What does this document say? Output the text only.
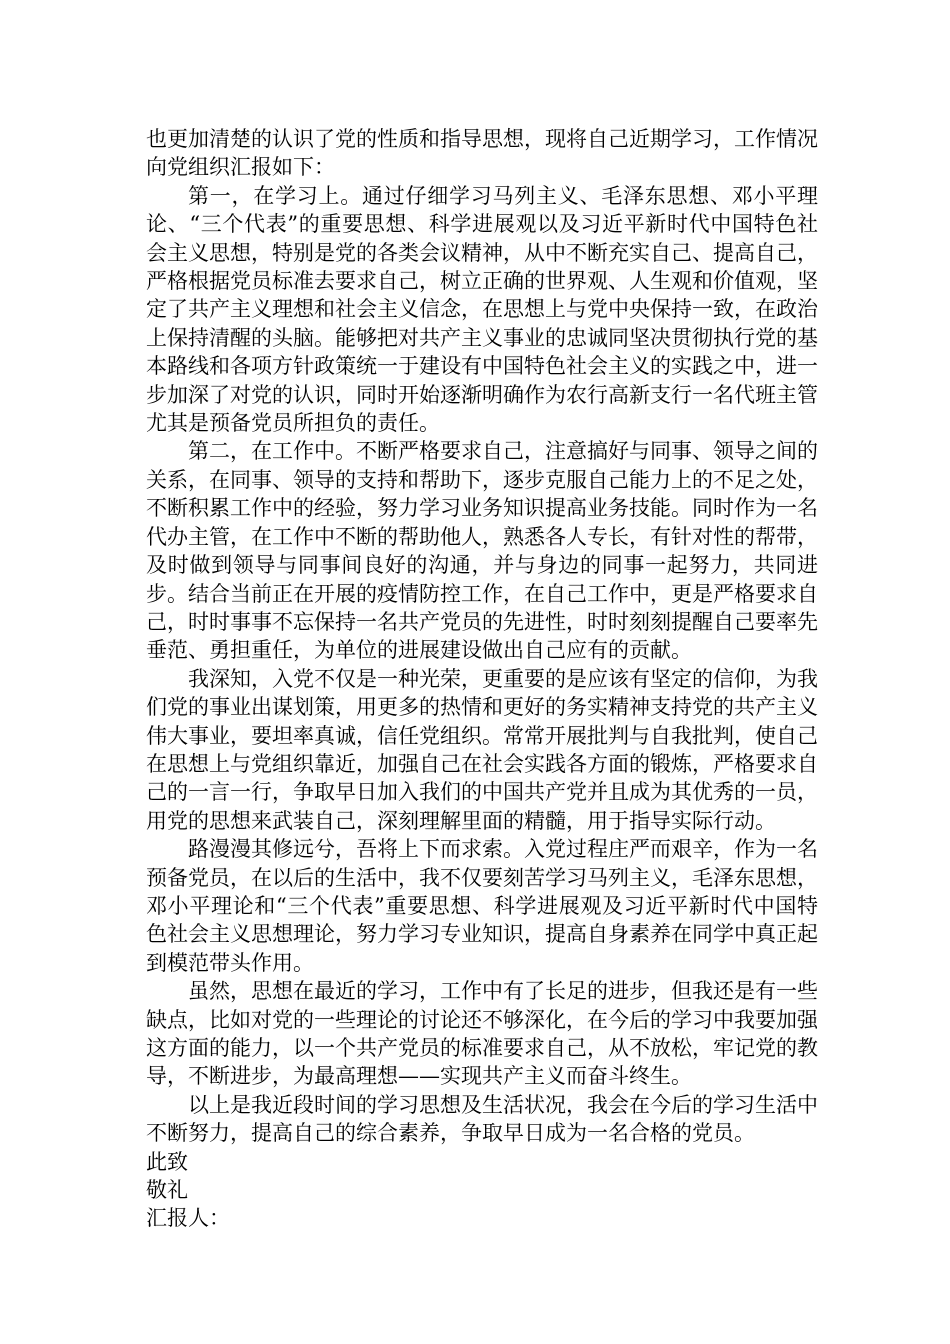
也更加清楚的认识了党的性质和指导思想，现将自己近期学习，工作情况向党组织汇报如下：

第一，在学习上。通过仔细学习马列主义、毛泽东思想、邓小平理论、“三个代表”的重要思想、科学进展观以及习近平新时代中国特色社会主义思想，特别是党的各类会议精神，从中不断充实自己、提高自己，严格根据党员标准去要求自己，树立正确的世界观、人生观和价值观，坚定了共产主义理想和社会主义信念，在思想上与党中央保持一致，在政治上保持清醒的头脑。能够把对共产主义事业的忠诚同坚决贯彻执行党的基本路线和各项方针政策统一于建设有中国特色社会主义的实践之中，进一步加深了对党的认识，同时开始逐渐明确作为农行高新支行一名代班主管尤其是预备党员所担负的责任。

第二，在工作中。不断严格要求自己，注意搞好与同事、领导之间的关系，在同事、领导的支持和帮助下，逐步克服自己能力上的不足之处，不断积累工作中的经验，努力学习业务知识提高业务技能。同时作为一名代办主管，在工作中不断的帮助他人，熟悉各人专长，有针对性的帮带，及时做到领导与同事间良好的沟通，并与身边的同事一起努力，共同进步。结合当前正在开展的疫情防控工作，在自己工作中，更是严格要求自己，时时事事不忘保持一名共产党员的先进性，时时刻刻提醒自己要率先垂范、勇担重任，为单位的进展建设做出自己应有的贡献。

我深知，入党不仅是一种光荣，更重要的是应该有坚定的信仰，为我们党的事业出谋划策，用更多的热情和更好的务实精神支持党的共产主义伟大事业，要坦率真诚，信任党组织。常常开展批判与自我批判，使自己在思想上与党组织靠近，加强自己在社会实践各方面的锻炼，严格要求自己的一言一行，争取早日加入我们的中国共产党并且成为其优秀的一员，用党的思想来武装自己，深刻理解里面的精髓，用于指导实际行动。

路漫漫其修远兮，吾将上下而求索。入党过程庄严而艰辛，作为一名预备党员，在以后的生活中，我不仅要刻苦学习马列主义，毛泽东思想，邓小平理论和“三个代表”重要思想、科学进展观及习近平新时代中国特色社会主义思想理论，努力学习专业知识，提高自身素养在同学中真正起到模范带头作用。

虽然，思想在最近的学习，工作中有了长足的进步，但我还是有一些缺点，比如对党的一些理论的讨论还不够深化，在今后的学习中我要加强这方面的能力，以一个共产党员的标准要求自己，从不放松，牢记党的教导，不断进步，为最高理想——实现共产主义而奋斗终生。

以上是我近段时间的学习思想及生活状况，我会在今后的学习生活中不断努力，提高自己的综合素养，争取早日成为一名合格的党员。

此致

敬礼

汇报人：
